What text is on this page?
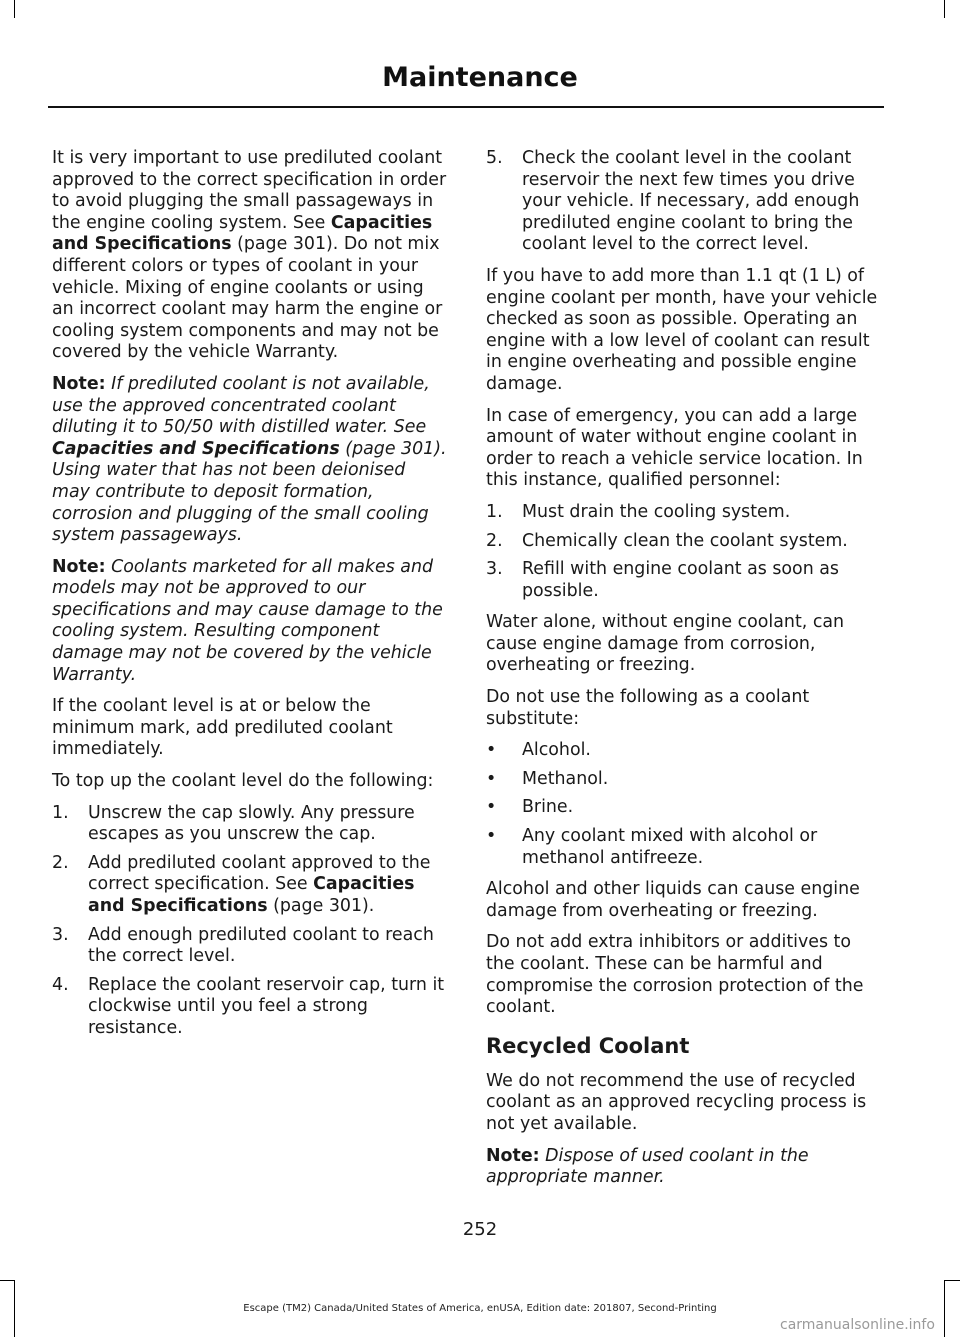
Maintenance

It is very important to use prediluted coolant approved to the correct specification in order to avoid plugging the small passageways in the engine cooling system. See Capacities and Specifications (page 301). Do not mix different colors or types of coolant in your vehicle. Mixing of engine coolants or using an incorrect coolant may harm the engine or cooling system components and may not be covered by the vehicle Warranty.

Note: If prediluted coolant is not available, use the approved concentrated coolant diluting it to 50/50 with distilled water. See Capacities and Specifications (page 301). Using water that has not been deionised may contribute to deposit formation, corrosion and plugging of the small cooling system passageways.

Note: Coolants marketed for all makes and models may not be approved to our specifications and may cause damage to the cooling system. Resulting component damage may not be covered by the vehicle Warranty.

If the coolant level is at or below the minimum mark, add prediluted coolant immediately.

To top up the coolant level do the following:

1. Unscrew the cap slowly. Any pressure escapes as you unscrew the cap.
2. Add prediluted coolant approved to the correct specification. See Capacities and Specifications (page 301).
3. Add enough prediluted coolant to reach the correct level.
4. Replace the coolant reservoir cap, turn it clockwise until you feel a strong resistance.
5. Check the coolant level in the coolant reservoir the next few times you drive your vehicle. If necessary, add enough prediluted engine coolant to bring the coolant level to the correct level.

If you have to add more than 1.1 qt (1 L) of engine coolant per month, have your vehicle checked as soon as possible. Operating an engine with a low level of coolant can result in engine overheating and possible engine damage.

In case of emergency, you can add a large amount of water without engine coolant in order to reach a vehicle service location. In this instance, qualified personnel:

1. Must drain the cooling system.
2. Chemically clean the coolant system.
3. Refill with engine coolant as soon as possible.

Water alone, without engine coolant, can cause engine damage from corrosion, overheating or freezing.

Do not use the following as a coolant substitute:

• Alcohol.
• Methanol.
• Brine.
• Any coolant mixed with alcohol or methanol antifreeze.

Alcohol and other liquids can cause engine damage from overheating or freezing.

Do not add extra inhibitors or additives to the coolant. These can be harmful and compromise the corrosion protection of the coolant.

Recycled Coolant

We do not recommend the use of recycled coolant as an approved recycling process is not yet available.

Note: Dispose of used coolant in the appropriate manner.

252
Escape (TM2) Canada/United States of America, enUSA, Edition date: 201807, Second-Printing
carmanualsonline.info
